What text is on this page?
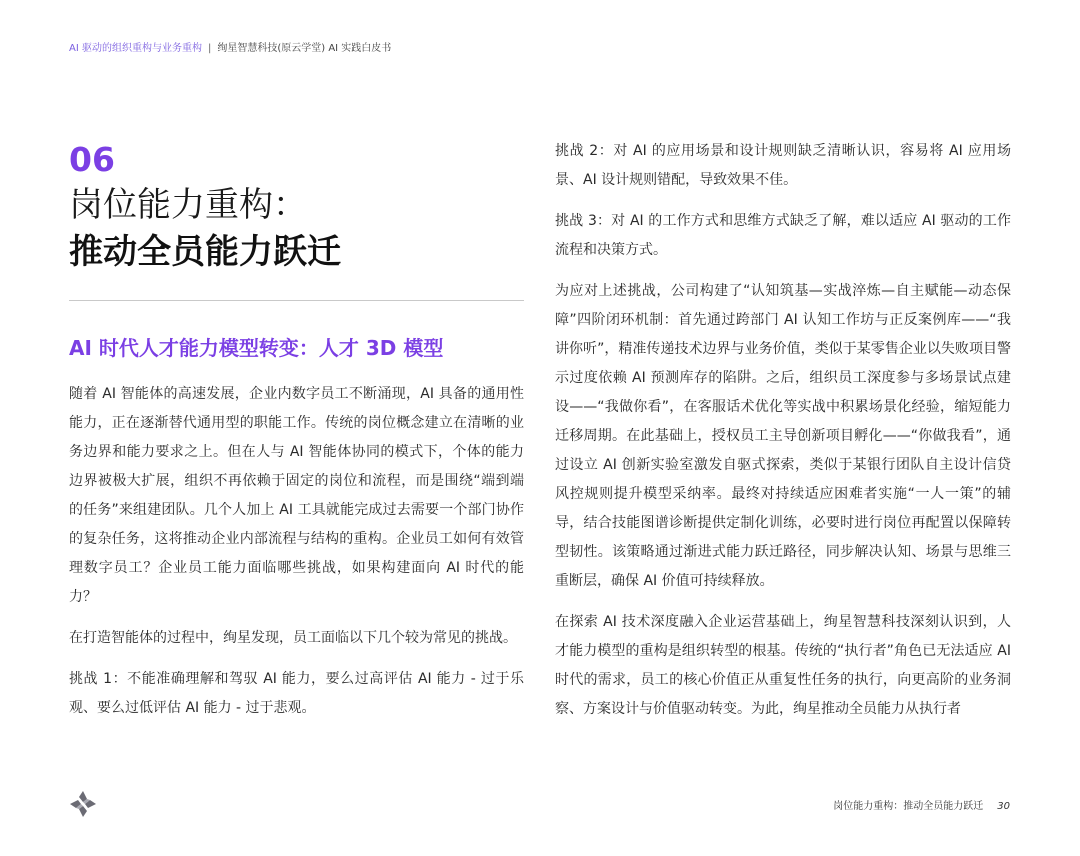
AI 驱动的组织重构与业务重构 | 绚星智慧科技(原云学堂) AI 实践白皮书
06
岗位能力重构：
推动全员能力跃迁
AI 时代人才能力模型转变：人才 3D 模型

随着 AI 智能体的高速发展，企业内数字员工不断涌现，AI 具备的通用性能力，正在逐渐替代通用型的职能工作。传统的岗位概念建立在清晰的业务边界和能力要求之上。但在人与 AI 智能体协同的模式下，个体的能力边界被极大扩展，组织不再依赖于固定的岗位和流程，而是围绕“端到端的任务”来组建团队。几个人加上 AI 工具就能完成过去需要一个部门协作的复杂任务，这将推动企业内部流程与结构的重构。企业员工如何有效管理数字员工？企业员工能力面临哪些挑战，如果构建面向 AI 时代的能力？

在打造智能体的过程中，绚星发现，员工面临以下几个较为常见的挑战。

挑战 1：不能准确理解和驾驭 AI 能力，要么过高评估 AI 能力 - 过于乐观、要么过低评估 AI 能力 - 过于悲观。

挑战 2：对 AI 的应用场景和设计规则缺乏清晰认识，容易将 AI 应用场景、AI 设计规则错配，导致效果不佳。

挑战 3：对 AI 的工作方式和思维方式缺乏了解，难以适应 AI 驱动的工作流程和决策方式。

为应对上述挑战，公司构建了“认知筑基—实战淬炼—自主赋能—动态保障”四阶闭环机制：首先通过跨部门 AI 认知工作坊与正反案例库——“我讲你听”，精准传递技术边界与业务价值，类似于某零售企业以失败项目警示过度依赖 AI 预测库存的陷阱。之后，组织员工深度参与多场景试点建设——“我做你看”，在客服话术优化等实战中积累场景化经验，缩短能力迁移周期。在此基础上，授权员工主导创新项目孵化——“你做我看”，通过设立 AI 创新实验室激发自驱式探索，类似于某银行团队自主设计信贷风控规则提升模型采纳率。最终对持续适应困难者实施“一人一策”的辅导，结合技能图谱诊断提供定制化训练，必要时进行岗位再配置以保障转型韧性。该策略通过渐进式能力跃迁路径，同步解决认知、场景与思维三重断层，确保 AI 价值可持续释放。

在探索 AI 技术深度融入企业运营基础上，绚星智慧科技深刻认识到，人才能力模型的重构是组织转型的根基。传统的“执行者”角色已无法适应 AI 时代的需求，员工的核心价值正从重复性任务的执行，向更高阶的业务洞察、方案设计与价值驱动转变。为此，绚星推动全员能力从执行者

岗位能力重构：推动全员能力跃迁 30
